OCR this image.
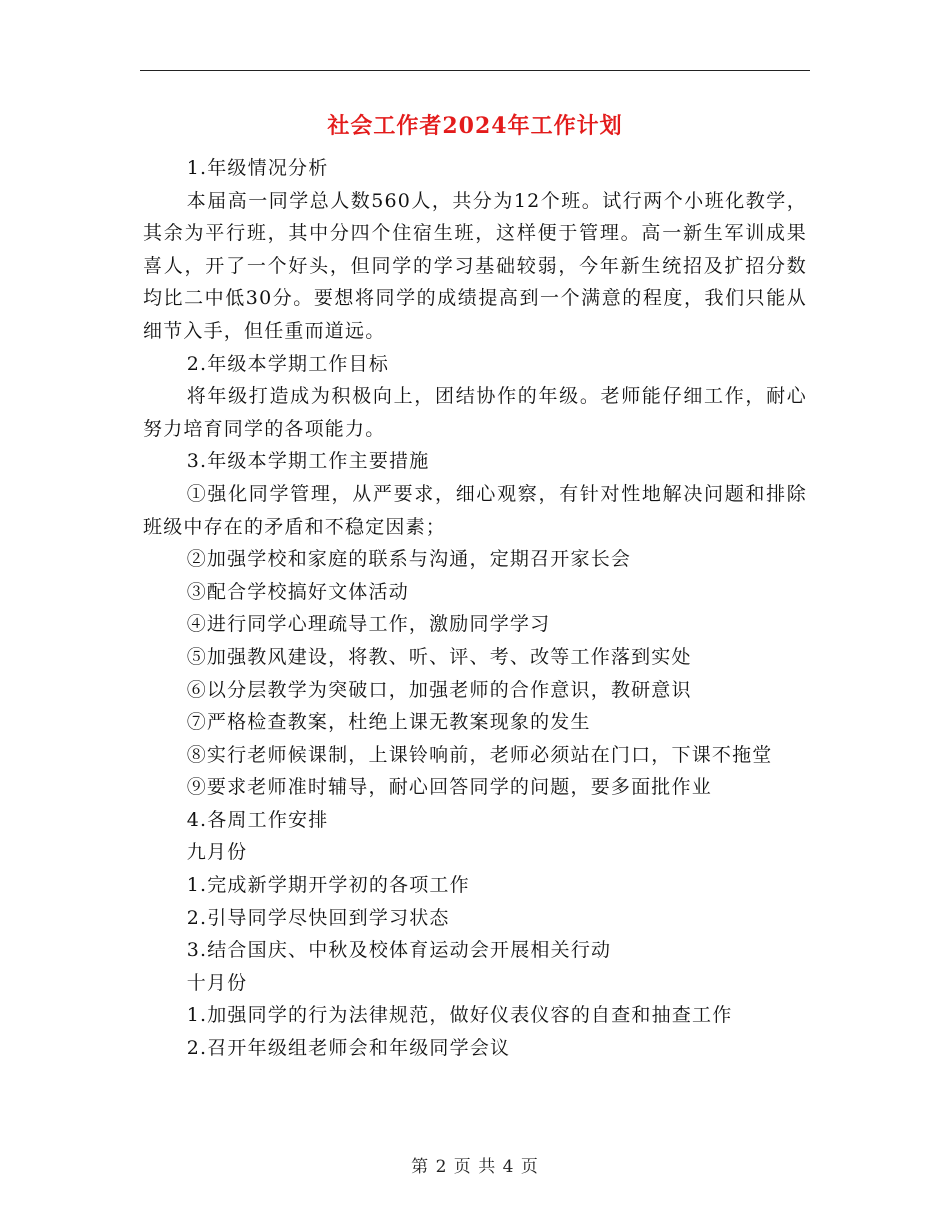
社会工作者2024年工作计划

1.年级情况分析

本届高一同学总人数560人，共分为12个班。试行两个小班化教学，其余为平行班，其中分四个住宿生班，这样便于管理。高一新生军训成果喜人，开了一个好头，但同学的学习基础较弱，今年新生统招及扩招分数均比二中低30分。要想将同学的成绩提高到一个满意的程度，我们只能从细节入手，但任重而道远。

2.年级本学期工作目标

将年级打造成为积极向上，团结协作的年级。老师能仔细工作，耐心努力培育同学的各项能力。

3.年级本学期工作主要措施

①强化同学管理，从严要求，细心观察，有针对性地解决问题和排除班级中存在的矛盾和不稳定因素；

②加强学校和家庭的联系与沟通，定期召开家长会

③配合学校搞好文体活动

④进行同学心理疏导工作，激励同学学习

⑤加强教风建设，将教、听、评、考、改等工作落到实处

⑥以分层教学为突破口，加强老师的合作意识，教研意识

⑦严格检查教案，杜绝上课无教案现象的发生

⑧实行老师候课制，上课铃响前，老师必须站在门口，下课不拖堂

⑨要求老师准时辅导，耐心回答同学的问题，要多面批作业

4.各周工作安排

九月份

1.完成新学期开学初的各项工作

2.引导同学尽快回到学习状态

3.结合国庆、中秋及校体育运动会开展相关行动

十月份

1.加强同学的行为法律规范，做好仪表仪容的自查和抽查工作

2.召开年级组老师会和年级同学会议

第 2 页 共 4 页
